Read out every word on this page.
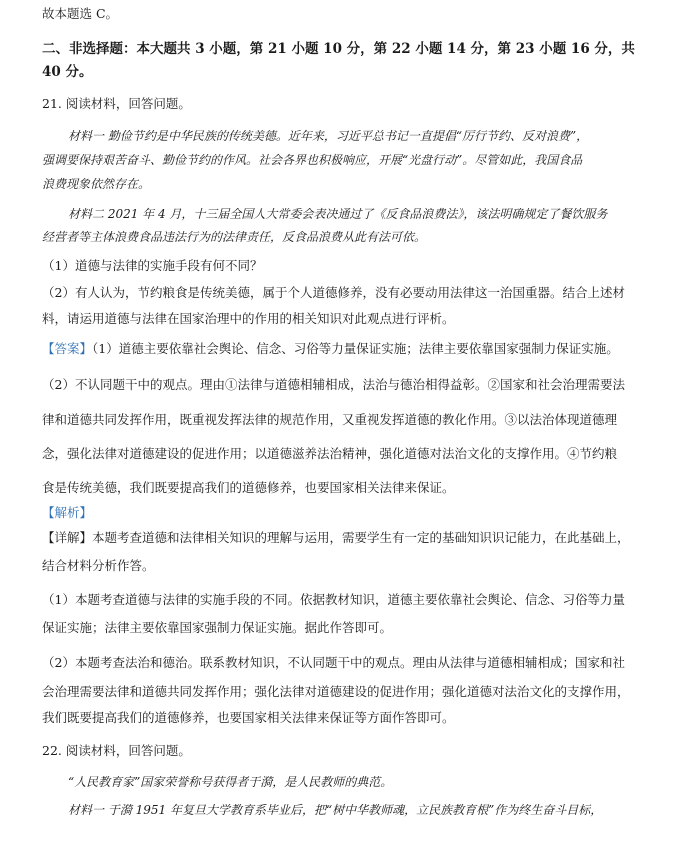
故本题选 C。
二、非选择题：本大题共 3 小题，第 21 小题 10 分，第 22 小题 14 分，第 23 小题 16 分，共
40 分。
21. 阅读材料，回答问题。
材料一 勤俭节约是中华民族的传统美德。近年来，习近平总书记一直提倡“厉行节约、反对浪费”，
强调要保持艰苦奋斗、勤俭节约的作风。社会各界也积极响应，开展“光盘行动”。尽管如此，我国食品
浪费现象依然存在。
材料二 2021 年 4 月，十三届全国人大常委会表决通过了《反食品浪费法》，该法明确规定了餐饮服务
经营者等主体浪费食品违法行为的法律责任，反食品浪费从此有法可依。
（1）道德与法律的实施手段有何不同？
（2）有人认为，节约粮食是传统美德，属于个人道德修养，没有必要动用法律这一治国重器。结合上述材
料，请运用道德与法律在国家治理中的作用的相关知识对此观点进行评析。
【答案】（1）道德主要依靠社会舆论、信念、习俗等力量保证实施；法律主要依靠国家强制力保证实施。
（2）不认同题干中的观点。理由①法律与道德相辅相成，法治与德治相得益彰。②国家和社会治理需要法
律和道德共同发挥作用，既重视发挥法律的规范作用，又重视发挥道德的教化作用。③以法治体现道德理
念，强化法律对道德建设的促进作用；以道德滋养法治精神，强化道德对法治文化的支撑作用。④节约粮
食是传统美德，我们既要提高我们的道德修养，也要国家相关法律来保证。
【解析】
【详解】本题考查道德和法律相关知识的理解与运用，需要学生有一定的基础知识识记能力，在此基础上，
结合材料分析作答。
（1）本题考查道德与法律的实施手段的不同。依据教材知识，道德主要依靠社会舆论、信念、习俗等力量
保证实施；法律主要依靠国家强制力保证实施。据此作答即可。
（2）本题考查法治和德治。联系教材知识，不认同题干中的观点。理由从法律与道德相辅相成；国家和社
会治理需要法律和道德共同发挥作用；强化法律对道德建设的促进作用；强化道德对法治文化的支撑作用，
我们既要提高我们的道德修养，也要国家相关法律来保证等方面作答即可。
22. 阅读材料，回答问题。
“人民教育家”国家荣誉称号获得者于漪，是人民教师的典范。
材料一 于漪 1951 年复旦大学教育系毕业后，把“树中华教师魂，立民族教育根”作为终生奋斗目标，
